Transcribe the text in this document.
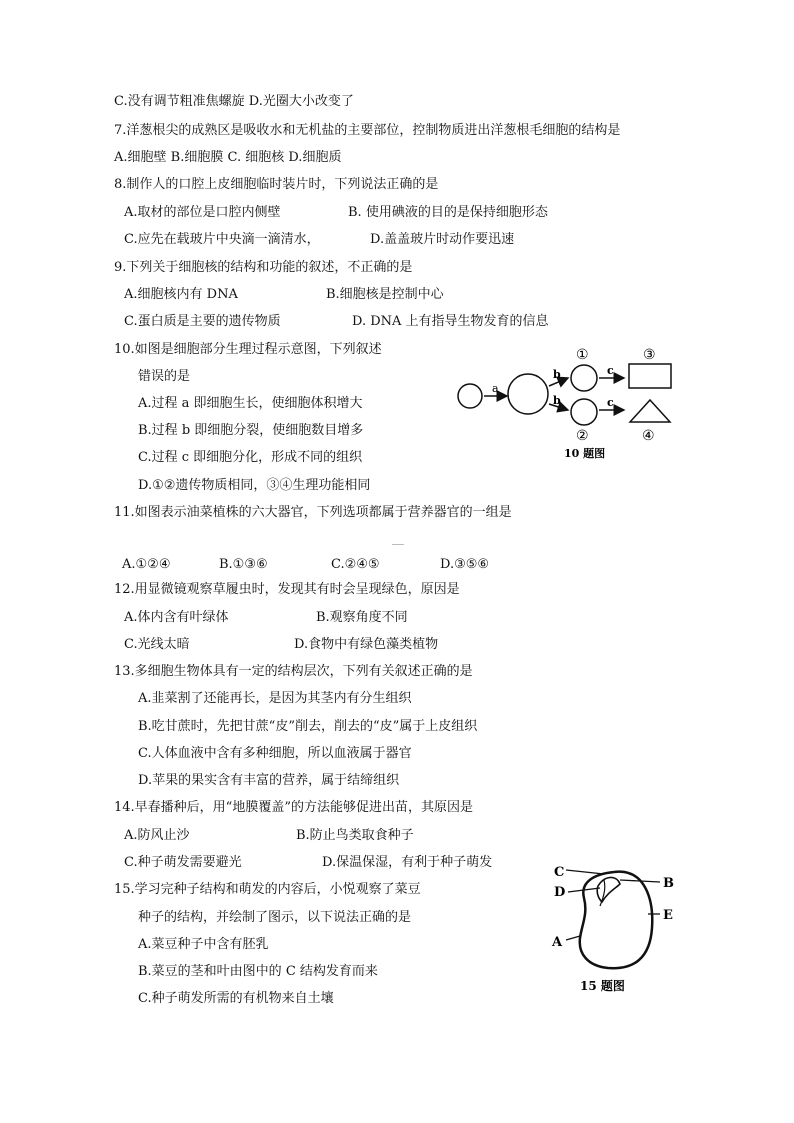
C.没有调节粗准焦螺旋 D.光圈大小改变了
7.洋葱根尖的成熟区是吸收水和无机盐的主要部位，控制物质进出洋葱根毛细胞的结构是
A.细胞壁 B.细胞膜 C. 细胞核 D.细胞质
8.制作人的口腔上皮细胞临时装片时，下列说法正确的是
A.取材的部位是口腔内侧壁	B. 使用碘液的目的是保持细胞形态
C.应先在载玻片中央滴一滴清水，	D.盖盖玻片时动作要迅速
9.下列关于细胞核的结构和功能的叙述，不正确的是
A.细胞核内有 DNA	B.细胞核是控制中心
C.蛋白质是主要的遗传物质	D. DNA 上有指导生物发育的信息
10.如图是细胞部分生理过程示意图，下列叙述
错误的是
A.过程 a 即细胞生长，使细胞体积增大
B.过程 b 即细胞分裂，使细胞数目增多
C.过程 c 即细胞分化，形成不同的组织
D.①②遗传物质相同，③④生理功能相同
a
b
b
①
②
c
c
③
④
10 题图
11.如图表示油菜植株的六大器官，下列选项都属于营养器官的一组是
A.①②④	B.①③⑥	C.②④⑤	D.③⑤⑥
12.用显微镜观察草履虫时，发现其有时会呈现绿色，原因是
A.体内含有叶绿体	B.观察角度不同
C.光线太暗	D.食物中有绿色藻类植物
13.多细胞生物体具有一定的结构层次，下列有关叙述正确的是
A.韭菜割了还能再长，是因为其茎内有分生组织
B.吃甘蔗时，先把甘蔗“皮”削去，削去的“皮”属于上皮组织
C.人体血液中含有多种细胞，所以血液属于器官
D.苹果的果实含有丰富的营养，属于结缔组织
14.早春播种后，用“地膜覆盖”的方法能够促进出苗，其原因是
A.防风止沙	B.防止鸟类取食种子
C.种子萌发需要避光	D.保温保湿，有利于种子萌发
15.学习完种子结构和萌发的内容后，小悦观察了菜豆
种子的结构，并绘制了图示，以下说法正确的是
A.菜豆种子中含有胚乳
B.菜豆的茎和叶由图中的 C 结构发育而来
C.种子萌发所需的有机物来自土壤
C
D
B
E
A
15 题图
